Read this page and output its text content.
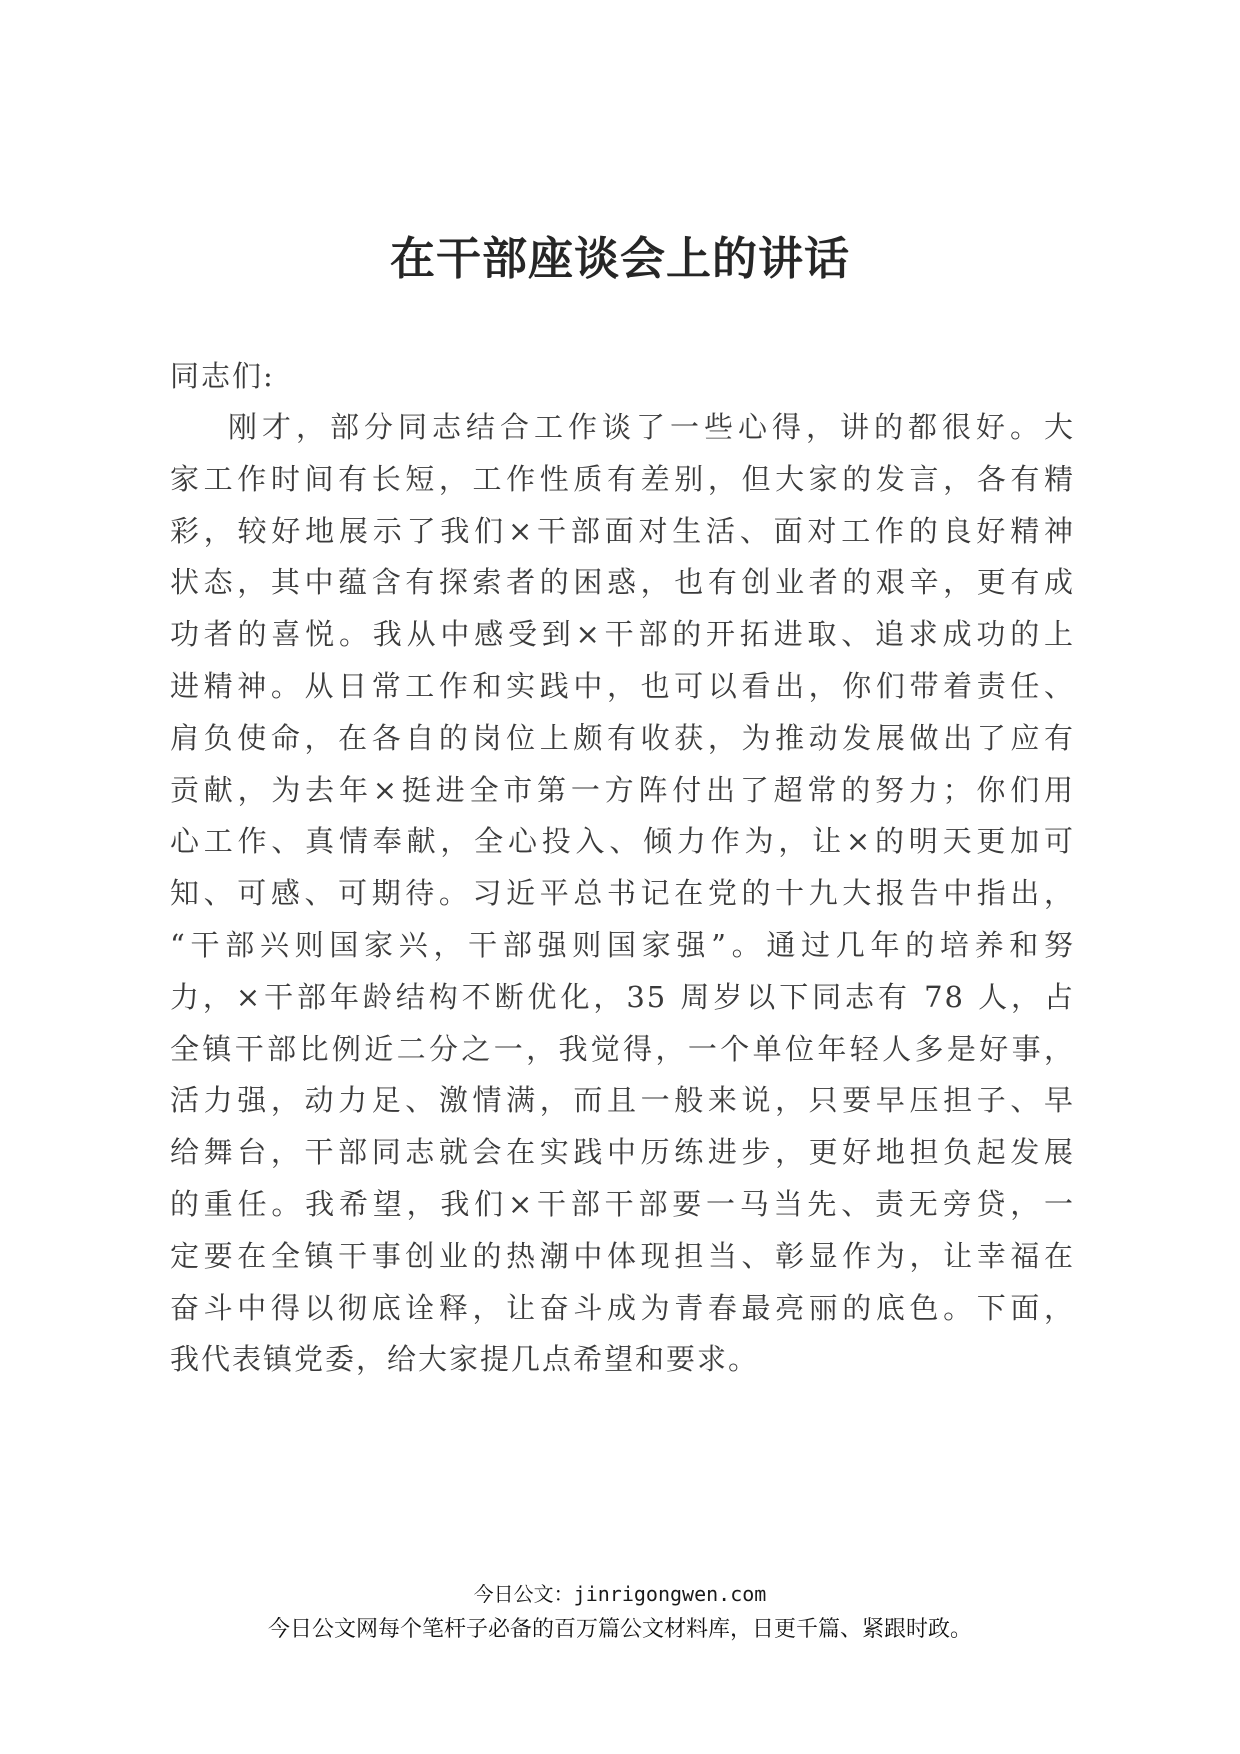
在干部座谈会上的讲话
同志们:
刚才，部分同志结合工作谈了一些心得，讲的都很好。大
家工作时间有长短，工作性质有差别，但大家的发言，各有精
彩，较好地展示了我们×干部面对生活、面对工作的良好精神
状态，其中蕴含有探索者的困惑，也有创业者的艰辛，更有成
功者的喜悦。我从中感受到×干部的开拓进取、追求成功的上
进精神。从日常工作和实践中，也可以看出，你们带着责任、
肩负使命，在各自的岗位上颇有收获，为推动发展做出了应有
贡献，为去年×挺进全市第一方阵付出了超常的努力；你们用
心工作、真情奉献，全心投入、倾力作为，让×的明天更加可
知、可感、可期待。习近平总书记在党的十九大报告中指出，
“干部兴则国家兴，干部强则国家强”。通过几年的培养和努
力，×干部年龄结构不断优化，35 周岁以下同志有 78 人，占
全镇干部比例近二分之一，我觉得，一个单位年轻人多是好事，
活力强，动力足、激情满，而且一般来说，只要早压担子、早
给舞台，干部同志就会在实践中历练进步，更好地担负起发展
的重任。我希望，我们×干部干部要一马当先、责无旁贷，一
定要在全镇干事创业的热潮中体现担当、彰显作为，让幸福在
奋斗中得以彻底诠释，让奋斗成为青春最亮丽的底色。下面，
我代表镇党委，给大家提几点希望和要求。
今日公文：jinrigongwen.com
今日公文网每个笔杆子必备的百万篇公文材料库，日更千篇、紧跟时政。
